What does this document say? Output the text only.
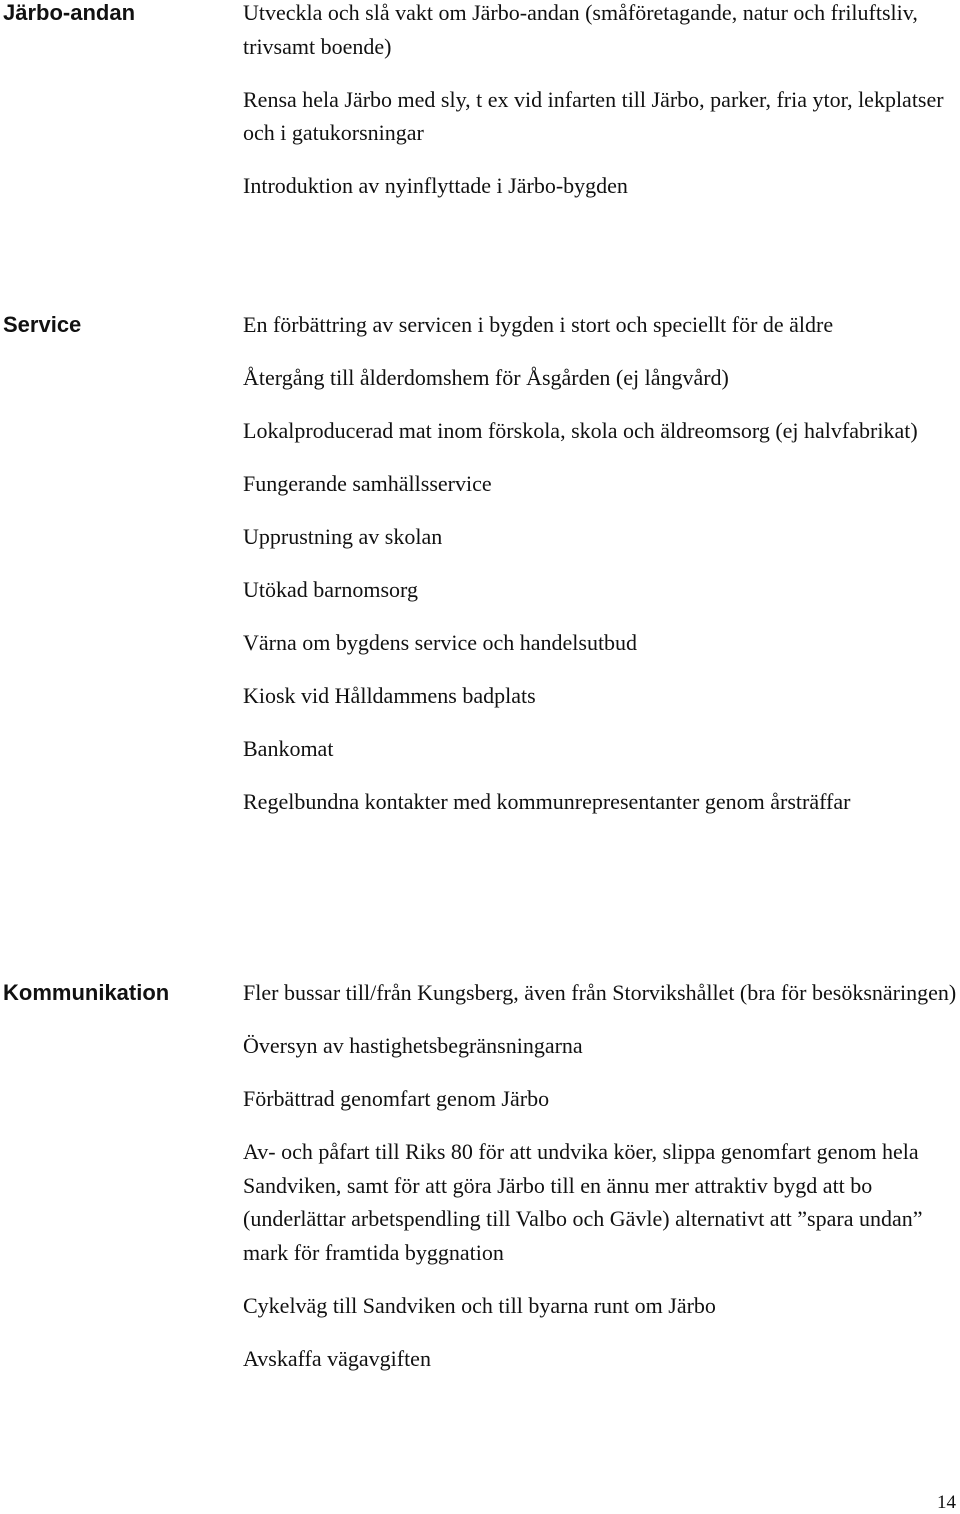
Järbo-andan	Utveckla och slå vakt om Järbo-andan (småföretagande, natur och friluftsliv, trivsamt boende)
Rensa hela Järbo med sly, t ex vid infarten till Järbo, parker, fria ytor, lekplatser och i gatukorsningar
Introduktion av nyinflyttade i Järbo-bygden
Service	En förbättring av servicen i bygden i stort och speciellt för de äldre
Återgång till ålderdomshem för Åsgården (ej långvård)
Lokalproducerad mat inom förskola, skola och äldreomsorg (ej halvfabrikat)
Fungerande samhällsservice
Upprustning av skolan
Utökad barnomsorg
Värna om bygdens service och handelsutbud
Kiosk vid Hålldammens badplats
Bankomat
Regelbundna kontakter med kommunrepresentanter genom årsträffar
Kommunikation	Fler bussar till/från Kungsberg, även från Storvikshållet (bra för besöksnäringen)
Översyn av hastighetsbegränsningarna
Förbättrad genomfart genom Järbo
Av- och påfart till Riks 80 för att undvika köer, slippa genomfart genom hela Sandviken, samt för att göra Järbo till en ännu mer attraktiv bygd att bo (underlättar arbetspendling till Valbo och Gävle) alternativt att ”spara undan” mark för framtida byggnation
Cykelväg till Sandviken och till byarna runt om Järbo
Avskaffa vägavgiften
14
